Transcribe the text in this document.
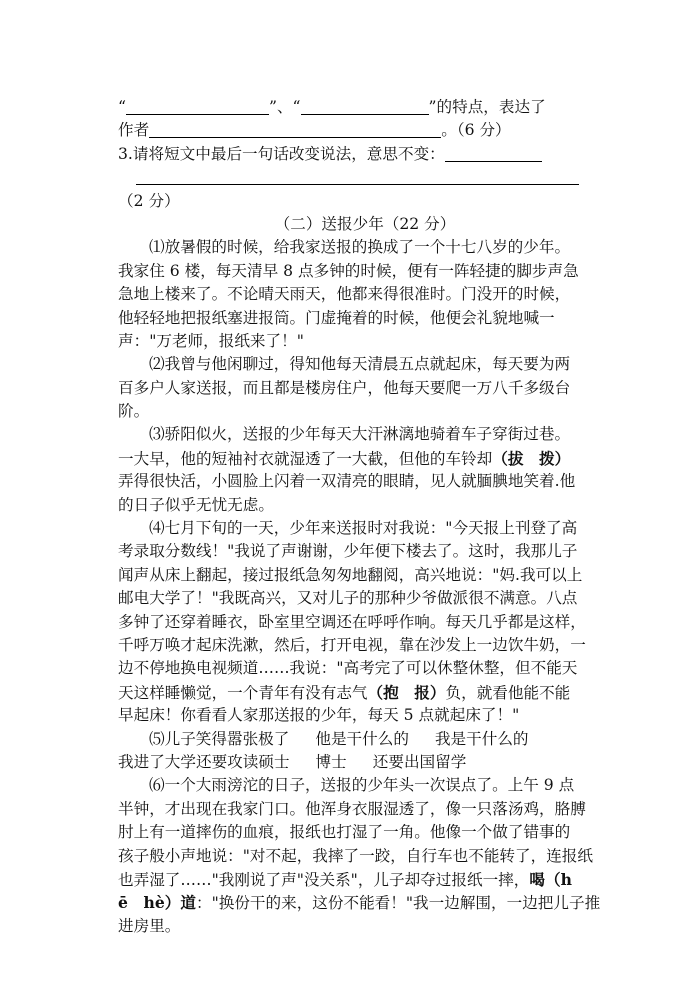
“	”、“	”的特点，表达了
作者	。（6 分）
3.请将短文中最后一句话改变说法，意思不变：
（2 分）
（二）送报少年（22 分）
⑴放暑假的时候，给我家送报的换成了一个十七八岁的少年。
我家住 6 楼，每天清早 8 点多钟的时候，便有一阵轻捷的脚步声急
急地上楼来了。不论晴天雨天，他都来得很准时。门没开的时候，
他轻轻地把报纸塞进报筒。门虚掩着的时候，他便会礼貌地喊一
声："万老师，报纸来了！"
⑵我曾与他闲聊过，得知他每天清晨五点就起床，每天要为两
百多户人家送报，而且都是楼房住户，他每天要爬一万八千多级台
阶。
⑶骄阳似火，送报的少年每天大汗淋漓地骑着车子穿街过巷。
一大早，他的短袖衬衣就湿透了一大截，但他的车铃却（拔　拨）
弄得很快活，小圆脸上闪着一双清亮的眼睛，见人就腼腆地笑着.他
的日子似乎无忧无虑。
⑷七月下旬的一天，少年来送报时对我说："今天报上刊登了高
考录取分数线！"我说了声谢谢，少年便下楼去了。这时，我那儿子
闻声从床上翻起，接过报纸急匆匆地翻阅，高兴地说："妈.我可以上
邮电大学了！"我既高兴，又对儿子的那种少爷做派很不满意。八点
多钟了还穿着睡衣，卧室里空调还在呼呼作响。每天几乎都是这样，
千呼万唤才起床洗漱，然后，打开电视，靠在沙发上一边饮牛奶，一
边不停地换电视频道……我说："高考完了可以休整休整，但不能天
天这样睡懒觉，一个青年有没有志气（抱　报）负，就看他能不能
早起床！你看看人家那送报的少年，每天 5 点就起床了！"
⑸儿子笑得嚣张极了 他是干什么的 我是干什么的
我进了大学还要攻读硕士 博士 还要出国留学
⑹一个大雨滂沱的日子，送报的少年头一次误点了。上午 9 点
半钟，才出现在我家门口。他浑身衣服湿透了，像一只落汤鸡，胳膊
肘上有一道摔伤的血痕，报纸也打湿了一角。他像一个做了错事的
孩子般小声地说："对不起，我摔了一跤，自行车也不能转了，连报纸
也弄湿了……"我刚说了声"没关系"，儿子却夺过报纸一摔，喝（h
ē　hè）道："换份干的来，这份不能看！"我一边解围，一边把儿子推
进房里。
